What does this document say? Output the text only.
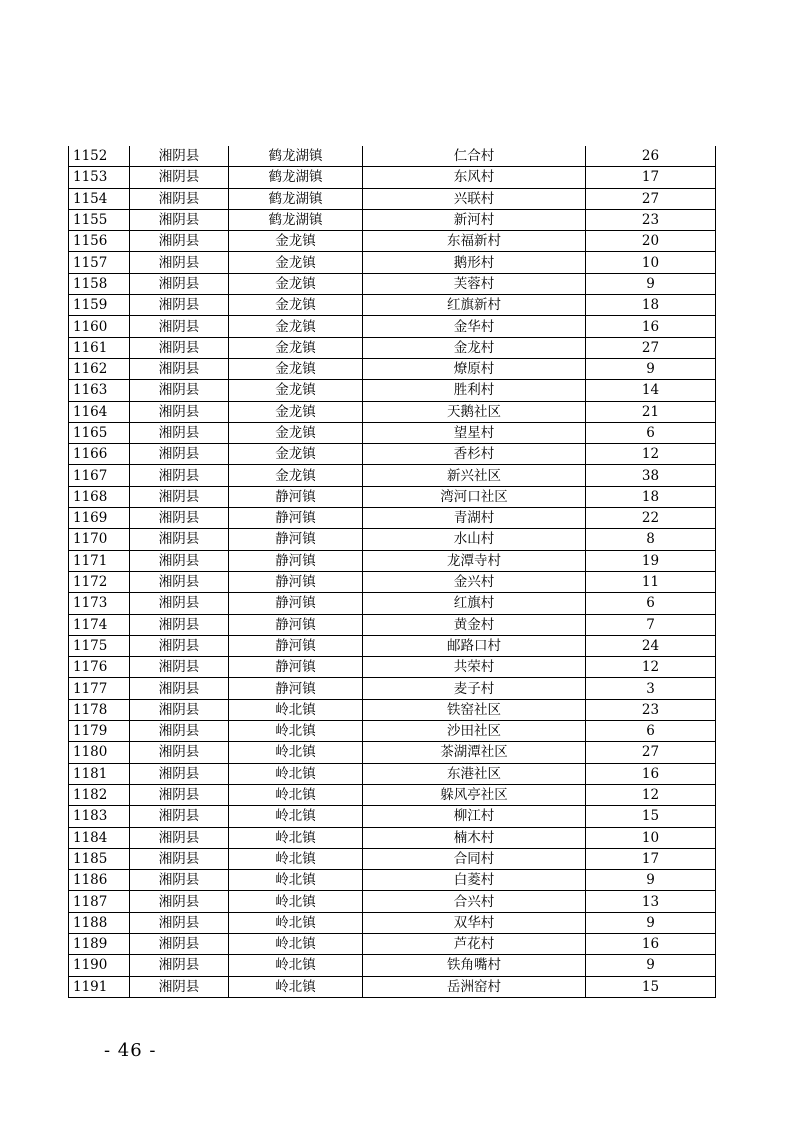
1152	湘阴县	鹤龙湖镇	仁合村	26
1153	湘阴县	鹤龙湖镇	东风村	17
1154	湘阴县	鹤龙湖镇	兴联村	27
1155	湘阴县	鹤龙湖镇	新河村	23
1156	湘阴县	金龙镇	东福新村	20
1157	湘阴县	金龙镇	鹅形村	10
1158	湘阴县	金龙镇	芙蓉村	9
1159	湘阴县	金龙镇	红旗新村	18
1160	湘阴县	金龙镇	金华村	16
1161	湘阴县	金龙镇	金龙村	27
1162	湘阴县	金龙镇	燎原村	9
1163	湘阴县	金龙镇	胜利村	14
1164	湘阴县	金龙镇	天鹅社区	21
1165	湘阴县	金龙镇	望星村	6
1166	湘阴县	金龙镇	香杉村	12
1167	湘阴县	金龙镇	新兴社区	38
1168	湘阴县	静河镇	湾河口社区	18
1169	湘阴县	静河镇	青湖村	22
1170	湘阴县	静河镇	水山村	8
1171	湘阴县	静河镇	龙潭寺村	19
1172	湘阴县	静河镇	金兴村	11
1173	湘阴县	静河镇	红旗村	6
1174	湘阴县	静河镇	黄金村	7
1175	湘阴县	静河镇	邮路口村	24
1176	湘阴县	静河镇	共荣村	12
1177	湘阴县	静河镇	麦子村	3
1178	湘阴县	岭北镇	铁窑社区	23
1179	湘阴县	岭北镇	沙田社区	6
1180	湘阴县	岭北镇	茶湖潭社区	27
1181	湘阴县	岭北镇	东港社区	16
1182	湘阴县	岭北镇	躲风亭社区	12
1183	湘阴县	岭北镇	柳江村	15
1184	湘阴县	岭北镇	楠木村	10
1185	湘阴县	岭北镇	合同村	17
1186	湘阴县	岭北镇	白菱村	9
1187	湘阴县	岭北镇	合兴村	13
1188	湘阴县	岭北镇	双华村	9
1189	湘阴县	岭北镇	芦花村	16
1190	湘阴县	岭北镇	铁角嘴村	9
1191	湘阴县	岭北镇	岳洲窑村	15
- 46 -
